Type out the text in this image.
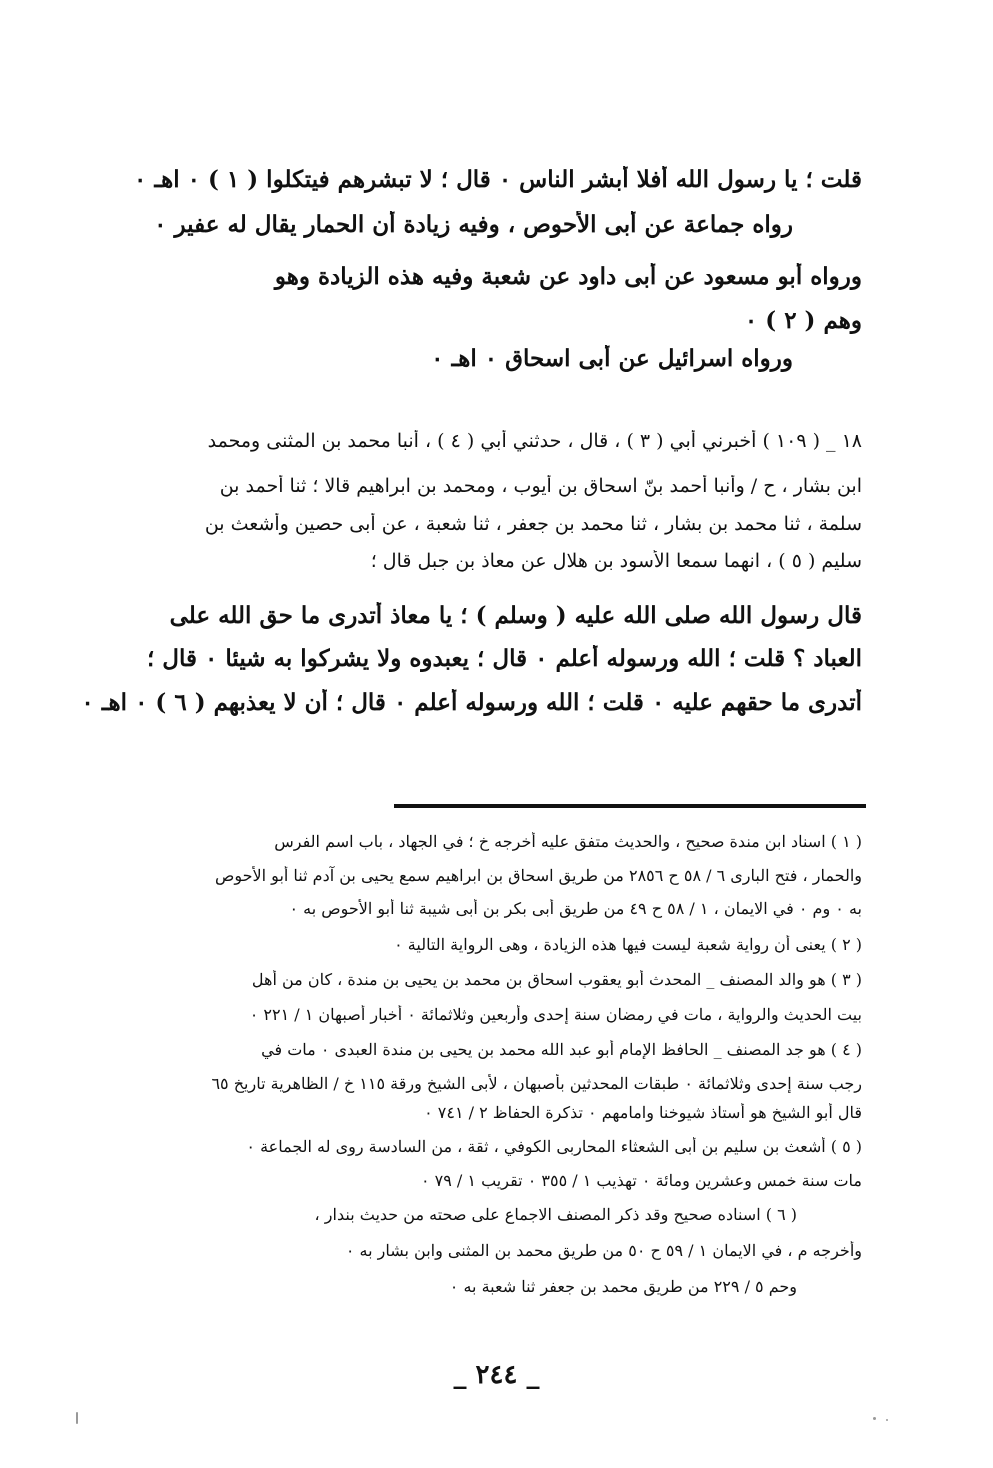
قلت ؛ يا رسول الله أفلا أبشر الناس ٠ قال ؛ لا تبشرهم فيتكلوا ( ١ ) ٠ اهـ ٠
رواه جماعة عن أبى الأحوص ، وفيه زيادة أن الحمار يقال له عفير ٠
ورواه أبو مسعود عن أبى داود عن شعبة وفيه هذه الزيادة وهو
وهم ( ٢ ) ٠
ورواه اسرائيل عن أبى اسحاق ٠ اهـ ٠
١٨ _ ( ١٠٩ ) أخبرني أبي ( ٣ ) ، قال ، حدثني أبي ( ٤ ) ، أنبا محمد بن المثنى ومحمد
ابن بشار ، ح / وأنبا أحمد بنّ اسحاق بن أيوب ، ومحمد بن ابراهيم قالا ؛ ثنا أحمد بن
سلمة ، ثنا محمد بن بشار ، ثنا محمد بن جعفر ، ثنا شعبة ، عن أبى حصين وأشعث بن
سليم ( ٥ ) ، انهما سمعا الأسود بن هلال عن معاذ بن جبل قال ؛
قال رسول الله صلى الله عليه ( وسلم ) ؛ يا معاذ أتدرى ما حق الله على
العباد ؟ قلت ؛ الله ورسوله أعلم ٠ قال ؛ يعبدوه ولا يشركوا به شيئا ٠ قال ؛
أتدرى ما حقهم عليه ٠ قلت ؛ الله ورسوله أعلم ٠ قال ؛ أن لا يعذبهم ( ٦ ) ٠ اهـ ٠
( ١ ) اسناد ابن مندة صحيح ، والحديث متفق عليه أخرجه خ ؛ في الجهاد ، باب اسم الفرس
والحمار ، فتح البارى ٦ / ٥٨ ح ٢٨٥٦ من طريق اسحاق بن ابراهيم سمع يحيى بن آدم ثنا أبو الأحوص
به ٠ وم ٠ في الايمان ، ١ / ٥٨ ح ٤٩ من طريق أبى بكر بن أبى شيبة ثنا أبو الأحوص به ٠
( ٢ ) يعنى أن رواية شعبة ليست فيها هذه الزيادة ، وهى الرواية التالية ٠
( ٣ ) هو والد المصنف _ المحدث أبو يعقوب اسحاق بن محمد بن يحيى بن مندة ، كان من أهل
بيت الحديث والرواية ، مات في رمضان سنة إحدى وأربعين وثلاثمائة ٠ أخبار أصبهان ١ / ٢٢١ ٠
( ٤ ) هو جد المصنف _ الحافظ الإمام أبو عبد الله محمد بن يحيى بن مندة العبدى ٠ مات في
رجب سنة إحدى وثلاثمائة ٠ طبقات المحدثين بأصبهان ، لأبى الشيخ ورقة ١١٥ خ / الظاهرية تاريخ ٦٥
قال أبو الشيخ هو أستاذ شيوخنا وامامهم ٠ تذكرة الحفاظ ٢ / ٧٤١ ٠
( ٥ ) أشعث بن سليم بن أبى الشعثاء المحاربى الكوفي ، ثقة ، من السادسة روى له الجماعة ٠
مات سنة خمس وعشرين ومائة ٠ تهذيب ١ / ٣٥٥ ٠ تقريب ١ / ٧٩ ٠
( ٦ ) اسناده صحيح وقد ذكر المصنف الاجماع على صحته من حديث بندار ،
وأخرجه م ، في الايمان ١ / ٥٩ ح ٥٠ من طريق محمد بن المثنى وابن بشار به ٠
وحم ٥ / ٢٢٩ من طريق محمد بن جعفر ثنا شعبة به ٠
_ ٢٤٤ _
